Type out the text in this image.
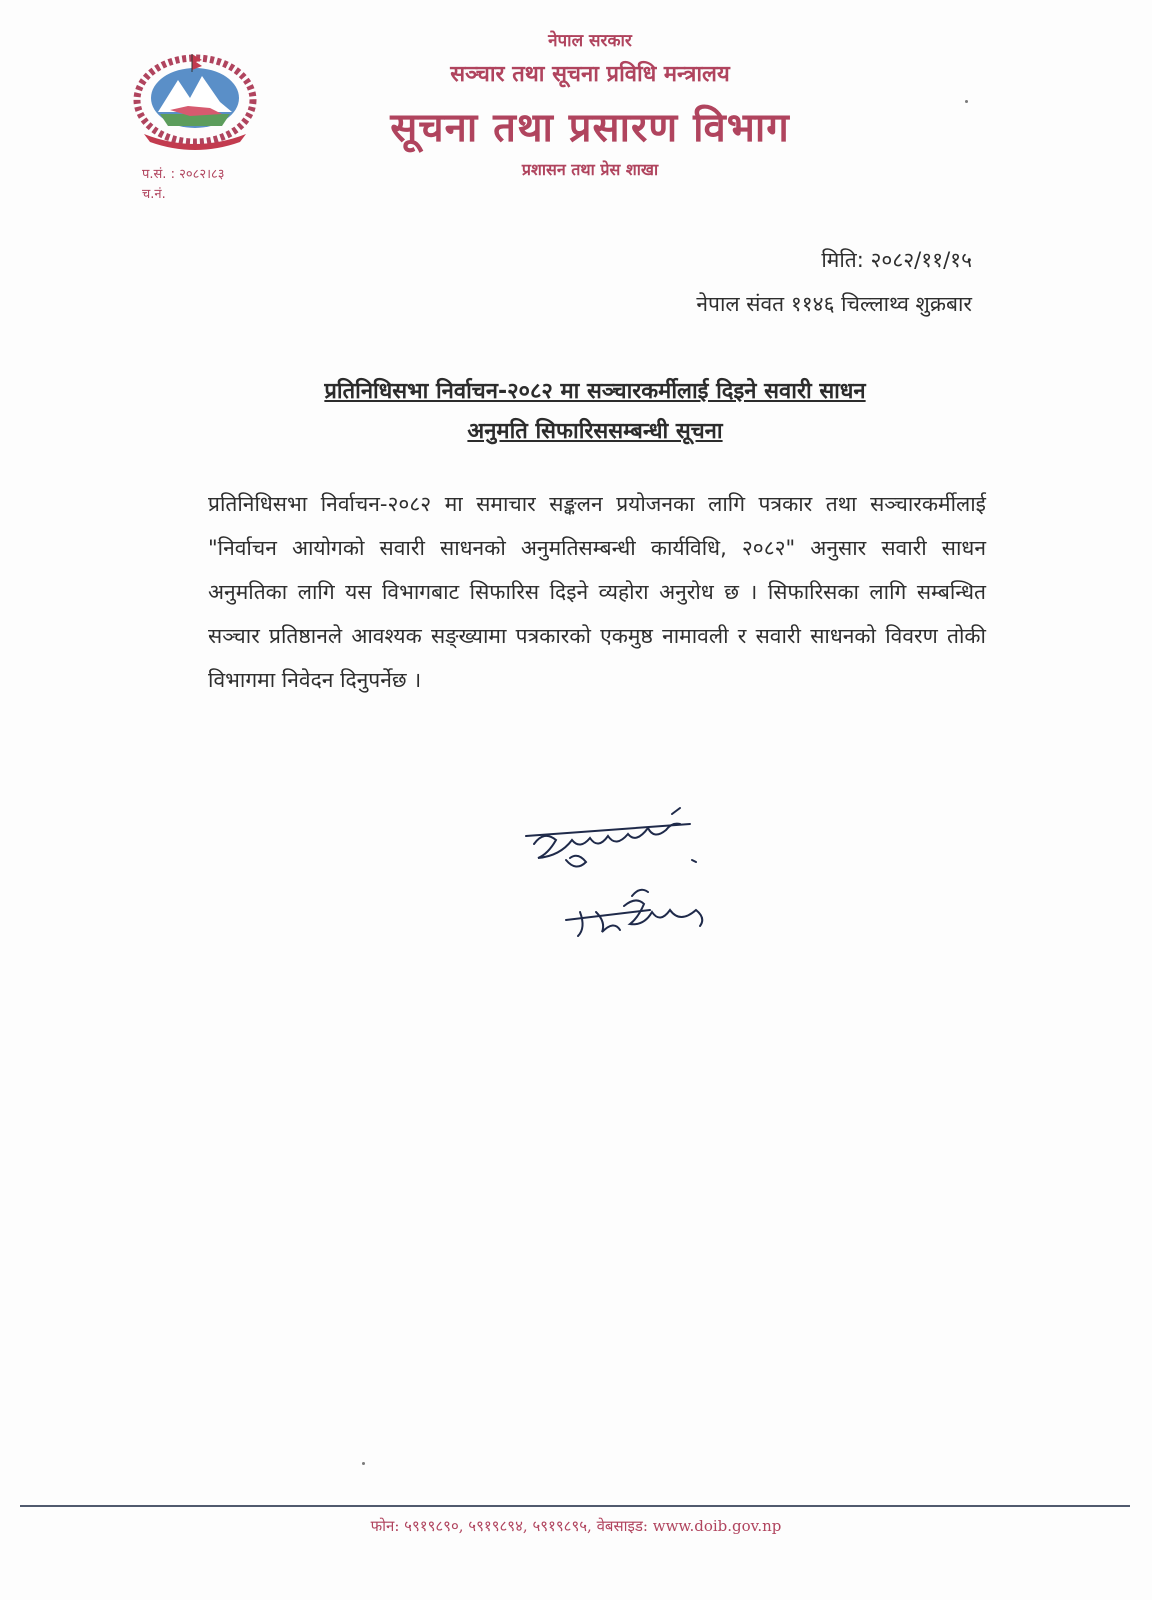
नेपाल सरकार
सञ्चार तथा सूचना प्रविधि मन्त्रालय
सूचना तथा प्रसारण विभाग
प्रशासन तथा प्रेस शाखा
प.सं. : २०८२।८३
च.नं.
मिति: २०८२/११/१५
नेपाल संवत ११४६ चिल्लाथ्व शुक्रबार
प्रतिनिधिसभा निर्वाचन-२०८२ मा सञ्चारकर्मीलाई दिइने सवारी साधन
अनुमति सिफारिससम्बन्धी सूचना
प्रतिनिधिसभा निर्वाचन-२०८२ मा समाचार सङ्कलन प्रयोजनका लागि पत्रकार तथा सञ्चारकर्मीलाई "निर्वाचन आयोगको सवारी साधनको अनुमतिसम्बन्धी कार्यविधि, २०८२" अनुसार सवारी साधन अनुमतिका लागि यस विभागबाट सिफारिस दिइने व्यहोरा अनुरोध छ । सिफारिसका लागि सम्बन्धित सञ्चार प्रतिष्ठानले आवश्यक सङ्ख्यामा पत्रकारको एकमुष्ठ नामावली र सवारी साधनको विवरण तोकी विभागमा निवेदन दिनुपर्नेछ ।
फोन: ५९१९८९०, ५९१९८९४, ५९१९८९५, वेबसाइड: www.doib.gov.np
